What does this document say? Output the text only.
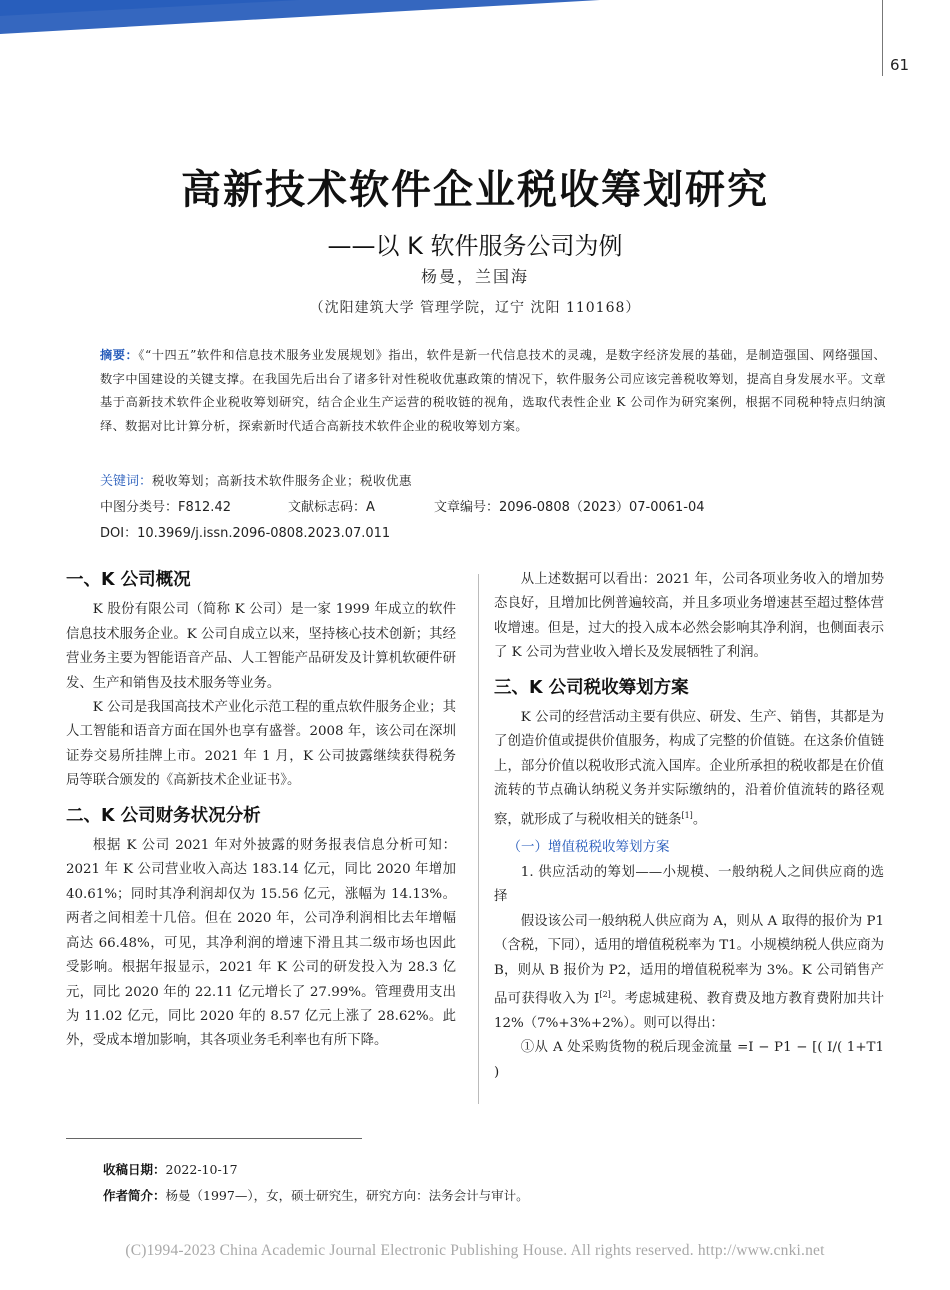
61
高新技术软件企业税收筹划研究
——以 K 软件服务公司为例
杨曼，兰国海
（沈阳建筑大学 管理学院，辽宁 沈阳 110168）
摘要：《“十四五”软件和信息技术服务业发展规划》指出，软件是新一代信息技术的灵魂，是数字经济发展的基础，是制造强国、网络强国、数字中国建设的关键支撑。在我国先后出台了诸多针对性税收优惠政策的情况下，软件服务公司应该完善税收筹划，提高自身发展水平。文章基于高新技术软件企业税收筹划研究，结合企业生产运营的税收链的视角，选取代表性企业 K 公司作为研究案例，根据不同税种特点归纳演绎、数据对比计算分析，探索新时代适合高新技术软件企业的税收筹划方案。
关键词：税收筹划；高新技术软件服务企业；税收优惠
中图分类号：F812.42	文献标志码：A	文章编号：2096-0808（2023）07-0061-04
DOI：10.3969/j.issn.2096-0808.2023.07.011
一、K 公司概况

K 股份有限公司（简称 K 公司）是一家 1999 年成立的软件信息技术服务企业。K 公司自成立以来，坚持核心技术创新；其经营业务主要为智能语音产品、人工智能产品研发及计算机软硬件研发、生产和销售及技术服务等业务。

K 公司是我国高技术产业化示范工程的重点软件服务企业；其人工智能和语音方面在国外也享有盛誉。2008 年，该公司在深圳证券交易所挂牌上市。2021 年 1 月，K 公司披露继续获得税务局等联合颁发的《高新技术企业证书》。

二、K 公司财务状况分析

根据 K 公司 2021 年对外披露的财务报表信息分析可知：2021 年 K 公司营业收入高达 183.14 亿元，同比 2020 年增加 40.61%；同时其净利润却仅为 15.56 亿元，涨幅为 14.13%。两者之间相差十几倍。但在 2020 年，公司净利润相比去年增幅高达 66.48%，可见，其净利润的增速下滑且其二级市场也因此受影响。根据年报显示，2021 年 K 公司的研发投入为 28.3 亿元，同比 2020 年的 22.11 亿元增长了 27.99%。管理费用支出为 11.02 亿元，同比 2020 年的 8.57 亿元上涨了 28.62%。此外，受成本增加影响，其各项业务毛利率也有所下降。

从上述数据可以看出：2021 年，公司各项业务收入的增加势态良好，且增加比例普遍较高，并且多项业务增速甚至超过整体营收增速。但是，过大的投入成本必然会影响其净利润，也侧面表示了 K 公司为营业收入增长及发展牺牲了利润。

三、K 公司税收筹划方案

K 公司的经营活动主要有供应、研发、生产、销售，其都是为了创造价值或提供价值服务，构成了完整的价值链。在这条价值链上，部分价值以税收形式流入国库。企业所承担的税收都是在价值流转的节点确认纳税义务并实际缴纳的，沿着价值流转的路径观察，就形成了与税收相关的链条[1]。

（一）增值税税收筹划方案

1. 供应活动的筹划——小规模、一般纳税人之间供应商的选择

假设该公司一般纳税人供应商为 A，则从 A 取得的报价为 P1（含税，下同），适用的增值税税率为 T1。小规模纳税人供应商为 B，则从 B 报价为 P2，适用的增值税税率为 3%。K 公司销售产品可获得收入为 I[2]。考虑城建税、教育费及地方教育费附加共计 12%（7%+3%+2%）。则可以得出：

①从 A 处采购货物的税后现金流量 =I − P1 − [( I/( 1+T1 )

收稿日期：2022-10-17
作者简介：杨曼（1997—），女，硕士研究生，研究方向：法务会计与审计。
(C)1994-2023 China Academic Journal Electronic Publishing House. All rights reserved. http://www.cnki.net
